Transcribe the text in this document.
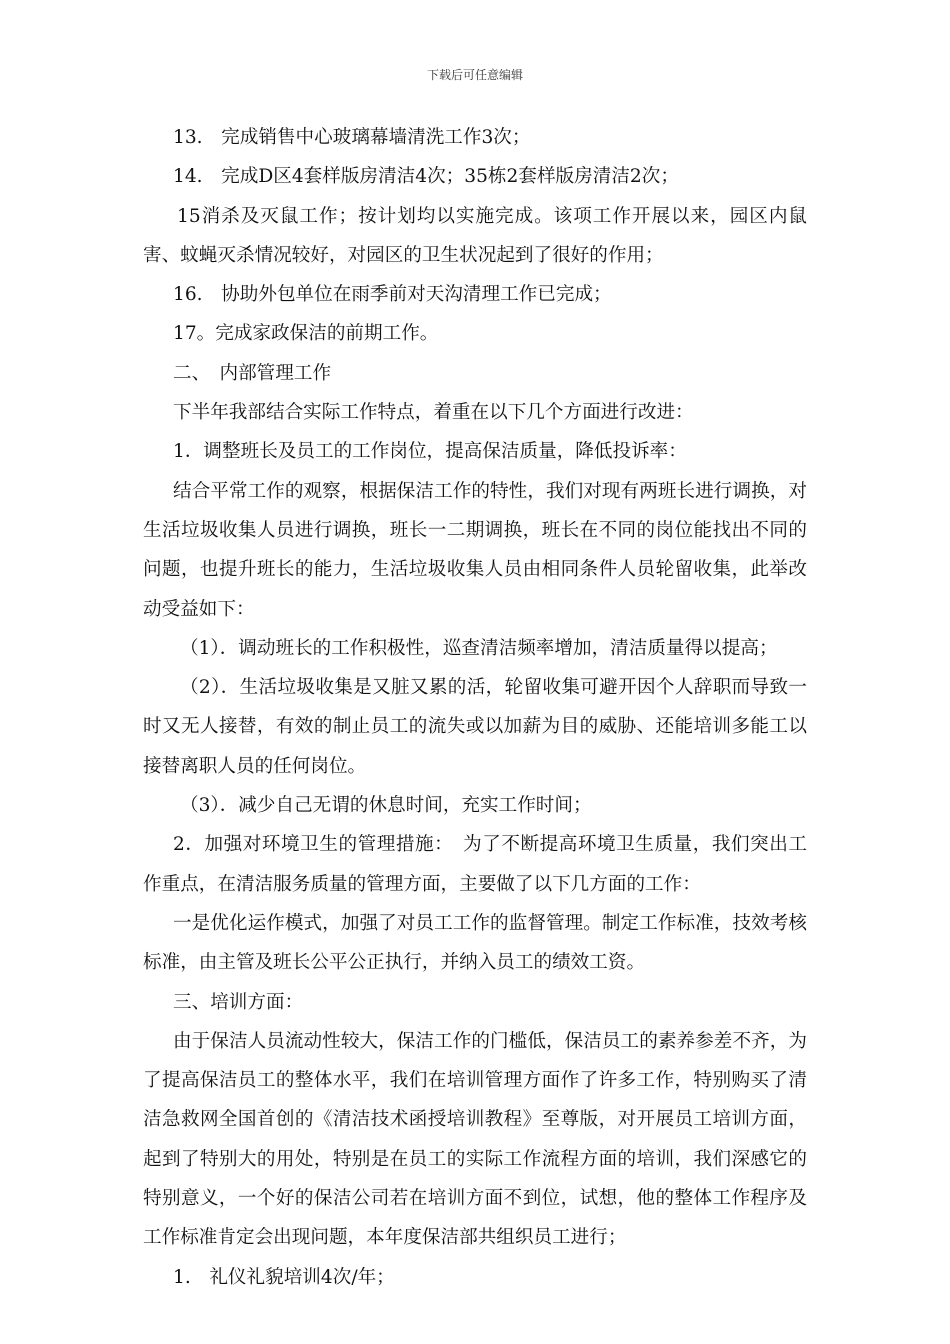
下载后可任意编辑

13.　完成销售中心玻璃幕墙清洗工作3次；

14.　完成D区4套样版房清洁4次；35栋2套样版房清洁2次；

15消杀及灭鼠工作；按计划均以实施完成。该项工作开展以来，园区内鼠害、蚊蝇灭杀情况较好，对园区的卫生状况起到了很好的作用；

16.　协助外包单位在雨季前对天沟清理工作已完成；

17。完成家政保洁的前期工作。

二、　内部管理工作

下半年我部结合实际工作特点，着重在以下几个方面进行改进：

1．调整班长及员工的工作岗位，提高保洁质量，降低投诉率：

结合平常工作的观察，根据保洁工作的特性，我们对现有两班长进行调换，对生活垃圾收集人员进行调换，班长一二期调换，班长在不同的岗位能找出不同的问题，也提升班长的能力，生活垃圾收集人员由相同条件人员轮留收集，此举改动受益如下：

（1）．调动班长的工作积极性，巡查清洁频率增加，清洁质量得以提高；

（2）．生活垃圾收集是又脏又累的活，轮留收集可避开因个人辞职而导致一时又无人接替，有效的制止员工的流失或以加薪为目的威胁、还能培训多能工以接替离职人员的任何岗位。

（3）．减少自己无谓的休息时间，充实工作时间；

2．加强对环境卫生的管理措施：　为了不断提高环境卫生质量，我们突出工作重点，在清洁服务质量的管理方面，主要做了以下几方面的工作：

一是优化运作模式，加强了对员工工作的监督管理。制定工作标准，技效考核标准，由主管及班长公平公正执行，并纳入员工的绩效工资。

三、培训方面：

由于保洁人员流动性较大，保洁工作的门槛低，保洁员工的素养参差不齐，为了提高保洁员工的整体水平，我们在培训管理方面作了许多工作，特别购买了清洁急救网全国首创的《清洁技术函授培训教程》至尊版，对开展员工培训方面，起到了特别大的用处，特别是在员工的实际工作流程方面的培训，我们深感它的特别意义，一个好的保洁公司若在培训方面不到位，试想，他的整体工作程序及工作标准肯定会出现问题，本年度保洁部共组织员工进行；

1.　礼仪礼貌培训4次/年；
